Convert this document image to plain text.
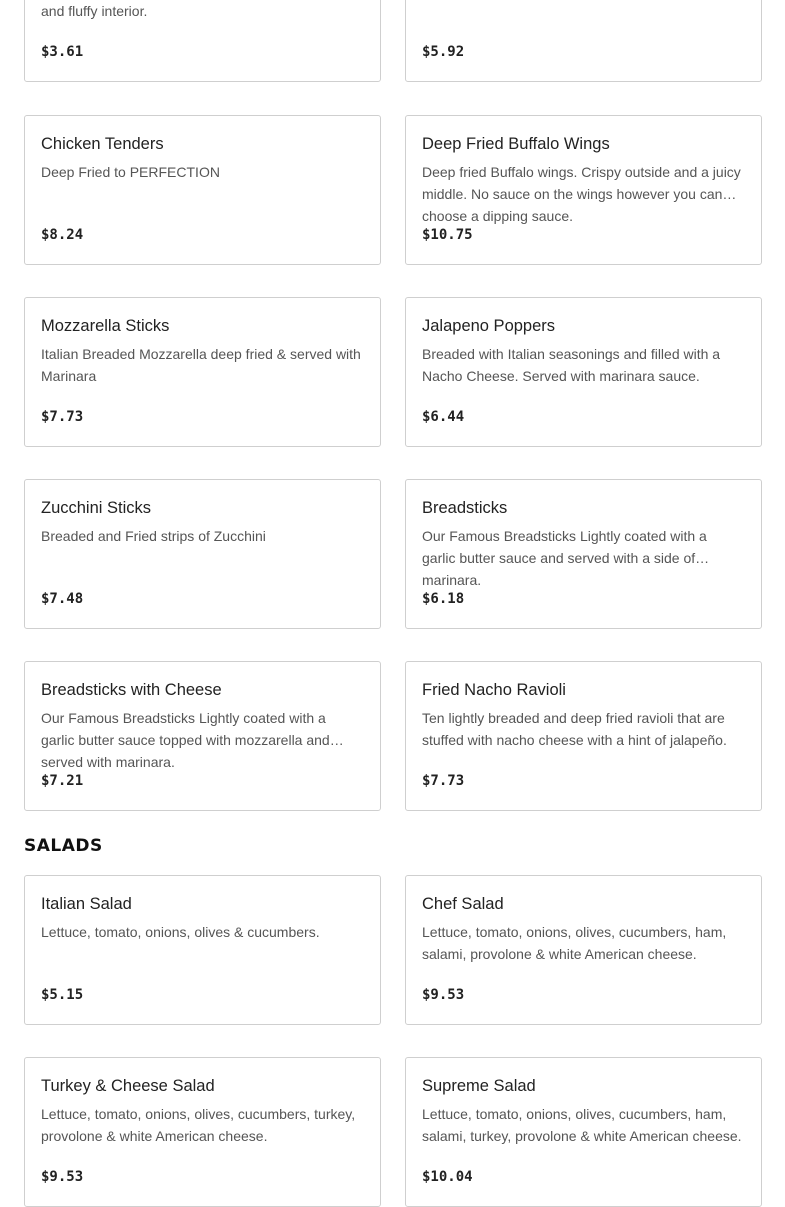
and fluffy interior.
$3.61	$5.92
Chicken Tenders
Deep Fried to PERFECTION
$8.24
Deep Fried Buffalo Wings
Deep fried Buffalo wings. Crispy outside and a juicy middle. No sauce on the wings however you can choose a dipping sauce.
$10.75
Mozzarella Sticks
Italian Breaded Mozzarella deep fried & served with Marinara
$7.73
Jalapeno Poppers
Breaded with Italian seasonings and filled with a Nacho Cheese. Served with marinara sauce.
$6.44
Zucchini Sticks
Breaded and Fried strips of Zucchini
$7.48
Breadsticks
Our Famous Breadsticks Lightly coated with a garlic butter sauce and served with a side of marinara.
$6.18
Breadsticks with Cheese
Our Famous Breadsticks Lightly coated with a garlic butter sauce topped with mozzarella and served with marinara.
$7.21
Fried Nacho Ravioli
Ten lightly breaded and deep fried ravioli that are stuffed with nacho cheese with a hint of jalapeño.
$7.73
SALADS
Italian Salad
Lettuce, tomato, onions, olives & cucumbers.
$5.15
Chef Salad
Lettuce, tomato, onions, olives, cucumbers, ham, salami, provolone & white American cheese.
$9.53
Turkey & Cheese Salad
Lettuce, tomato, onions, olives, cucumbers, turkey, provolone & white American cheese.
$9.53
Supreme Salad
Lettuce, tomato, onions, olives, cucumbers, ham, salami, turkey, provolone & white American cheese.
$10.04
